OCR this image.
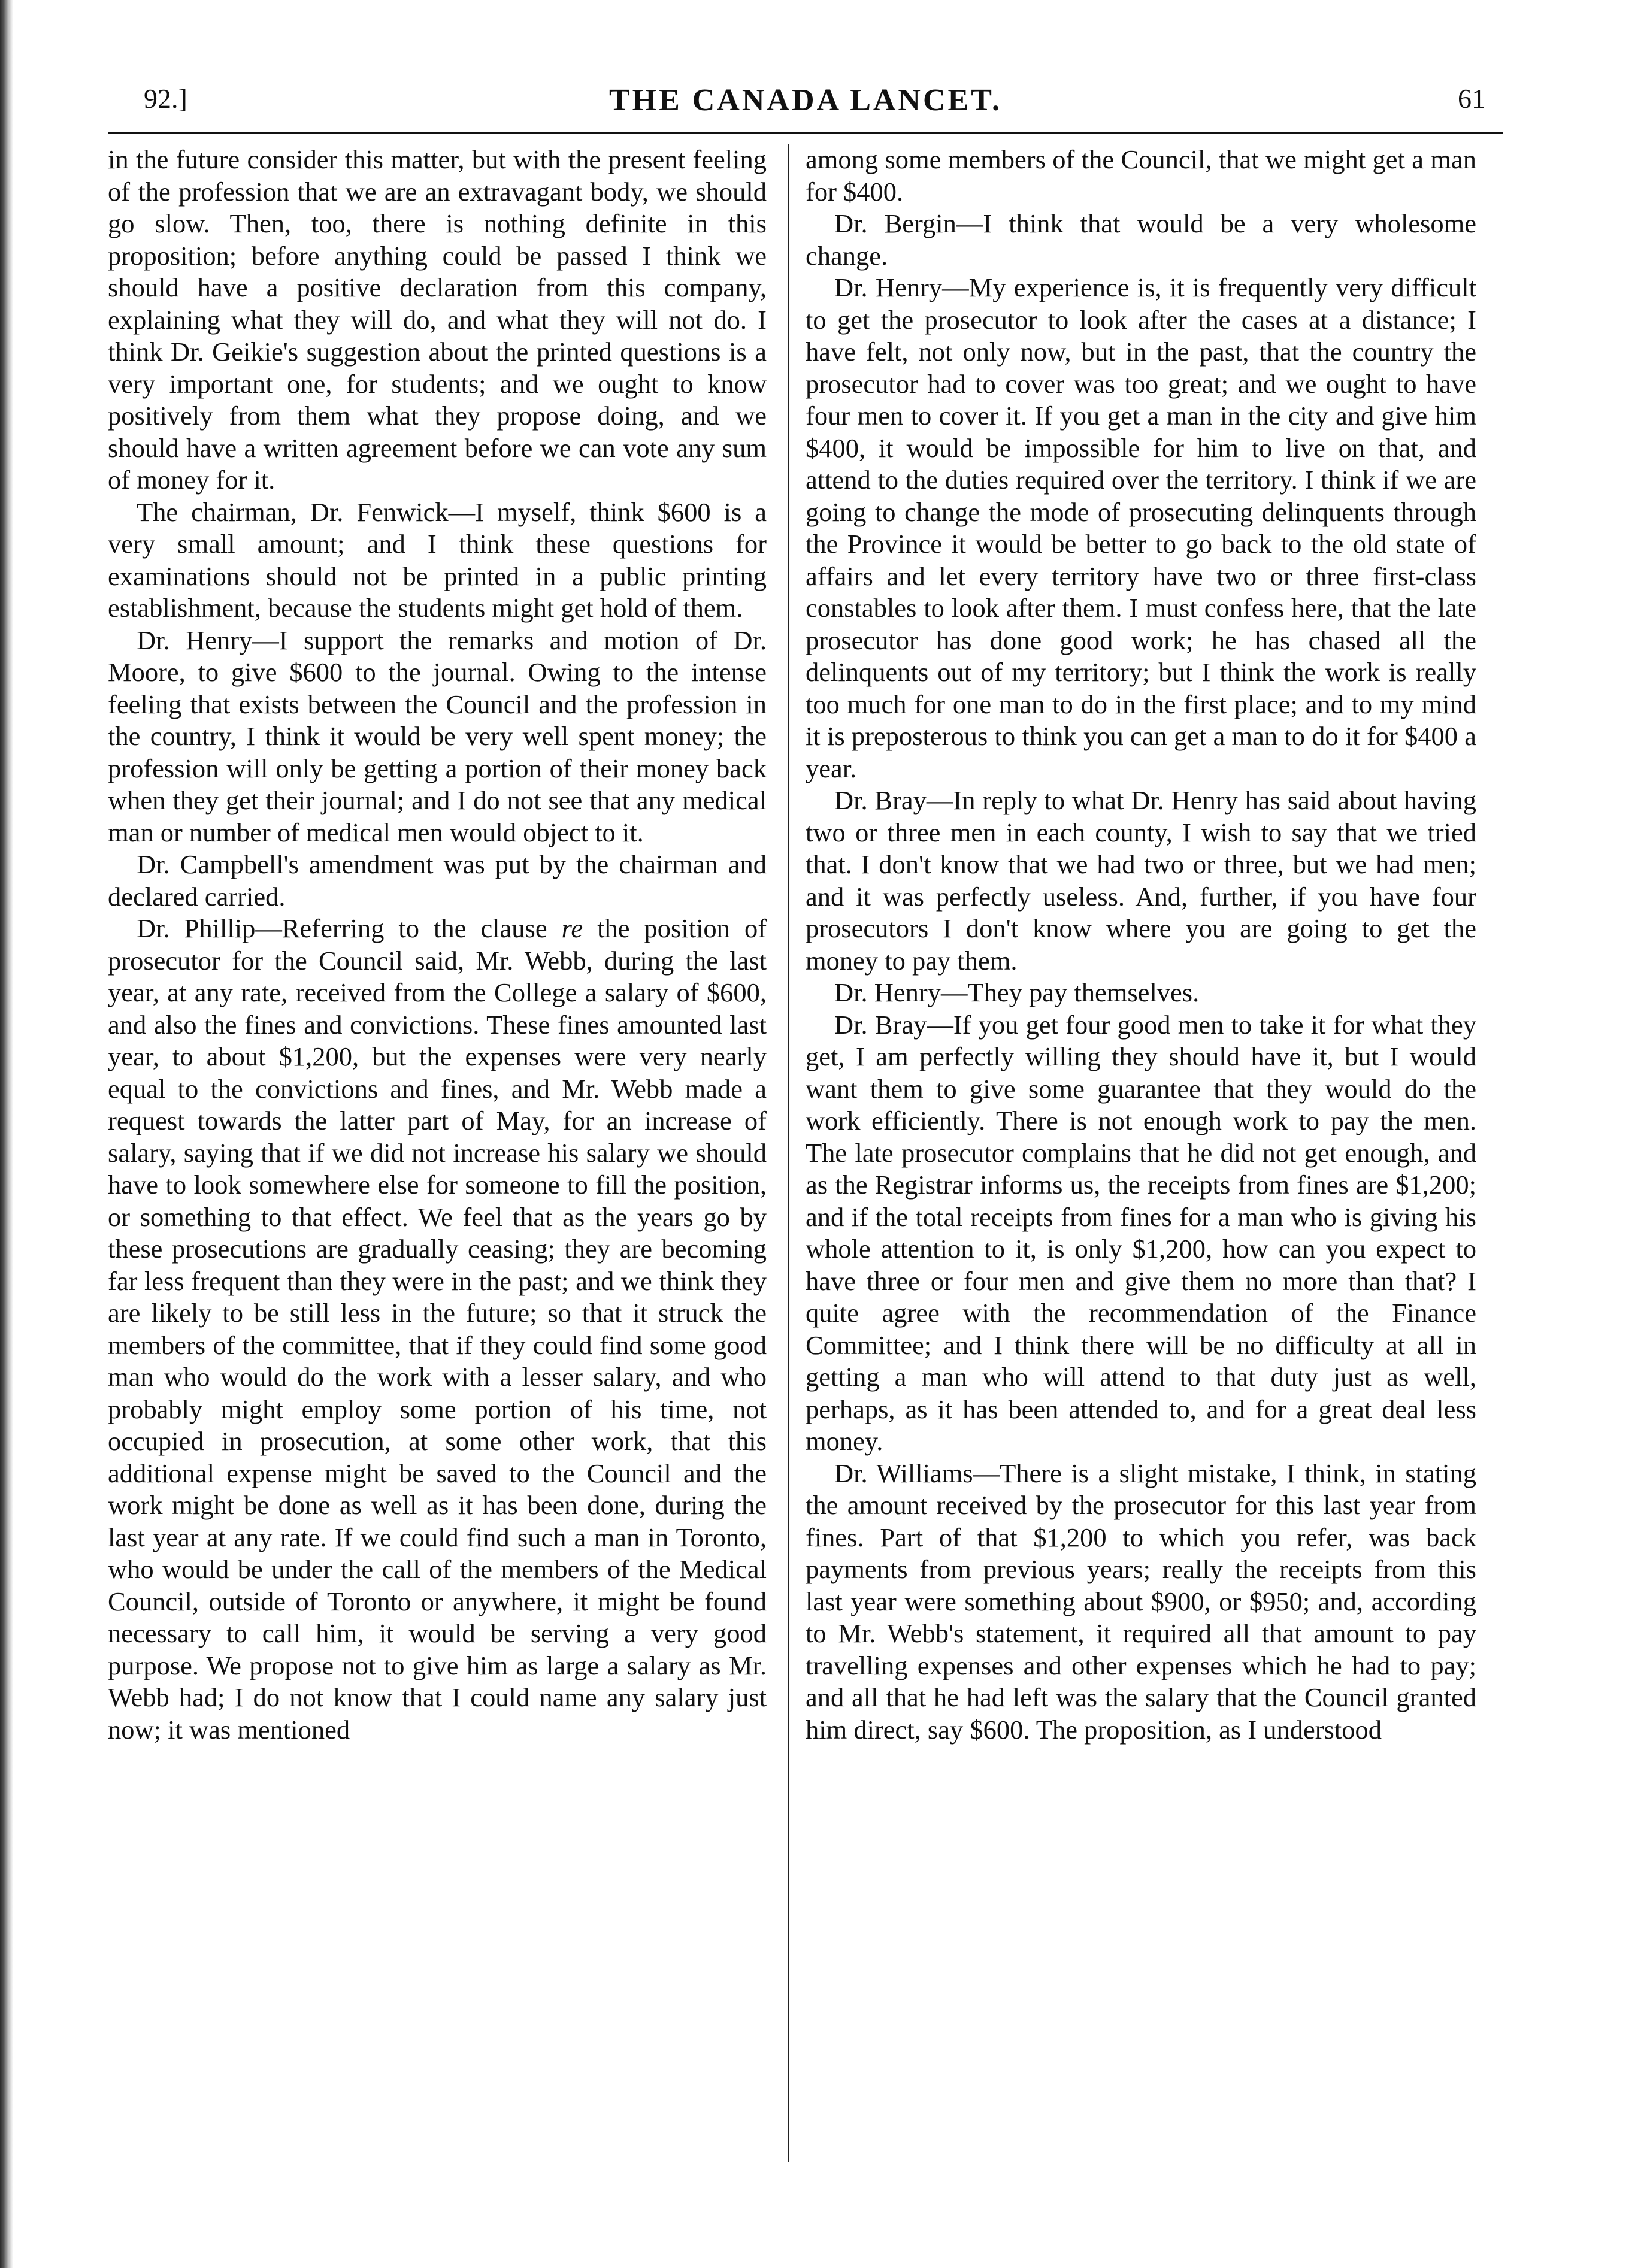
92.]	THE CANADA LANCET.	61

in the future consider this matter, but with the present feeling of the profession that we are an extravagant body, we should go slow. Then, too, there is nothing definite in this proposition; before anything could be passed I think we should have a positive declaration from this company, explaining what they will do, and what they will not do. I think Dr. Geikie's suggestion about the printed questions is a very important one, for students; and we ought to know positively from them what they propose doing, and we should have a written agreement before we can vote any sum of money for it.

The chairman, Dr. Fenwick—I myself, think $600 is a very small amount; and I think these questions for examinations should not be printed in a public printing establishment, because the students might get hold of them.

Dr. Henry—I support the remarks and motion of Dr. Moore, to give $600 to the journal. Owing to the intense feeling that exists between the Council and the profession in the country, I think it would be very well spent money; the profession will only be getting a portion of their money back when they get their journal; and I do not see that any medical man or number of medical men would object to it.

Dr. Campbell's amendment was put by the chairman and declared carried.

Dr. Phillip—Referring to the clause re the position of prosecutor for the Council said, Mr. Webb, during the last year, at any rate, received from the College a salary of $600, and also the fines and convictions. These fines amounted last year, to about $1,200, but the expenses were very nearly equal to the convictions and fines, and Mr. Webb made a request towards the latter part of May, for an increase of salary, saying that if we did not increase his salary we should have to look somewhere else for someone to fill the position, or something to that effect. We feel that as the years go by these prosecutions are gradually ceasing; they are becoming far less frequent than they were in the past; and we think they are likely to be still less in the future; so that it struck the members of the committee, that if they could find some good man who would do the work with a lesser salary, and who probably might employ some portion of his time, not occupied in prosecution, at some other work, that this additional expense might be saved to the Council and the work might be done as well as it has been done, during the last year at any rate. If we could find such a man in Toronto, who would be under the call of the members of the Medical Council, outside of Toronto or anywhere, it might be found necessary to call him, it would be serving a very good purpose. We propose not to give him as large a salary as Mr. Webb had; I do not know that I could name any salary just now; it was mentioned

among some members of the Council, that we might get a man for $400.

Dr. Bergin—I think that would be a very wholesome change.

Dr. Henry—My experience is, it is frequently very difficult to get the prosecutor to look after the cases at a distance; I have felt, not only now, but in the past, that the country the prosecutor had to cover was too great; and we ought to have four men to cover it. If you get a man in the city and give him $400, it would be impossible for him to live on that, and attend to the duties required over the territory. I think if we are going to change the mode of prosecuting delinquents through the Province it would be better to go back to the old state of affairs and let every territory have two or three first-class constables to look after them. I must confess here, that the late prosecutor has done good work; he has chased all the delinquents out of my territory; but I think the work is really too much for one man to do in the first place; and to my mind it is preposterous to think you can get a man to do it for $400 a year.

Dr. Bray—In reply to what Dr. Henry has said about having two or three men in each county, I wish to say that we tried that. I don't know that we had two or three, but we had men; and it was perfectly useless. And, further, if you have four prosecutors I don't know where you are going to get the money to pay them.

Dr. Henry—They pay themselves.

Dr. Bray—If you get four good men to take it for what they get, I am perfectly willing they should have it, but I would want them to give some guarantee that they would do the work efficiently. There is not enough work to pay the men. The late prosecutor complains that he did not get enough, and as the Registrar informs us, the receipts from fines are $1,200; and if the total receipts from fines for a man who is giving his whole attention to it, is only $1,200, how can you expect to have three or four men and give them no more than that? I quite agree with the recommendation of the Finance Committee; and I think there will be no difficulty at all in getting a man who will attend to that duty just as well, perhaps, as it has been attended to, and for a great deal less money.

Dr. Williams—There is a slight mistake, I think, in stating the amount received by the prosecutor for this last year from fines. Part of that $1,200 to which you refer, was back payments from previous years; really the receipts from this last year were something about $900, or $950; and, according to Mr. Webb's statement, it required all that amount to pay travelling expenses and other expenses which he had to pay; and all that he had left was the salary that the Council granted him direct, say $600. The proposition, as I understood
